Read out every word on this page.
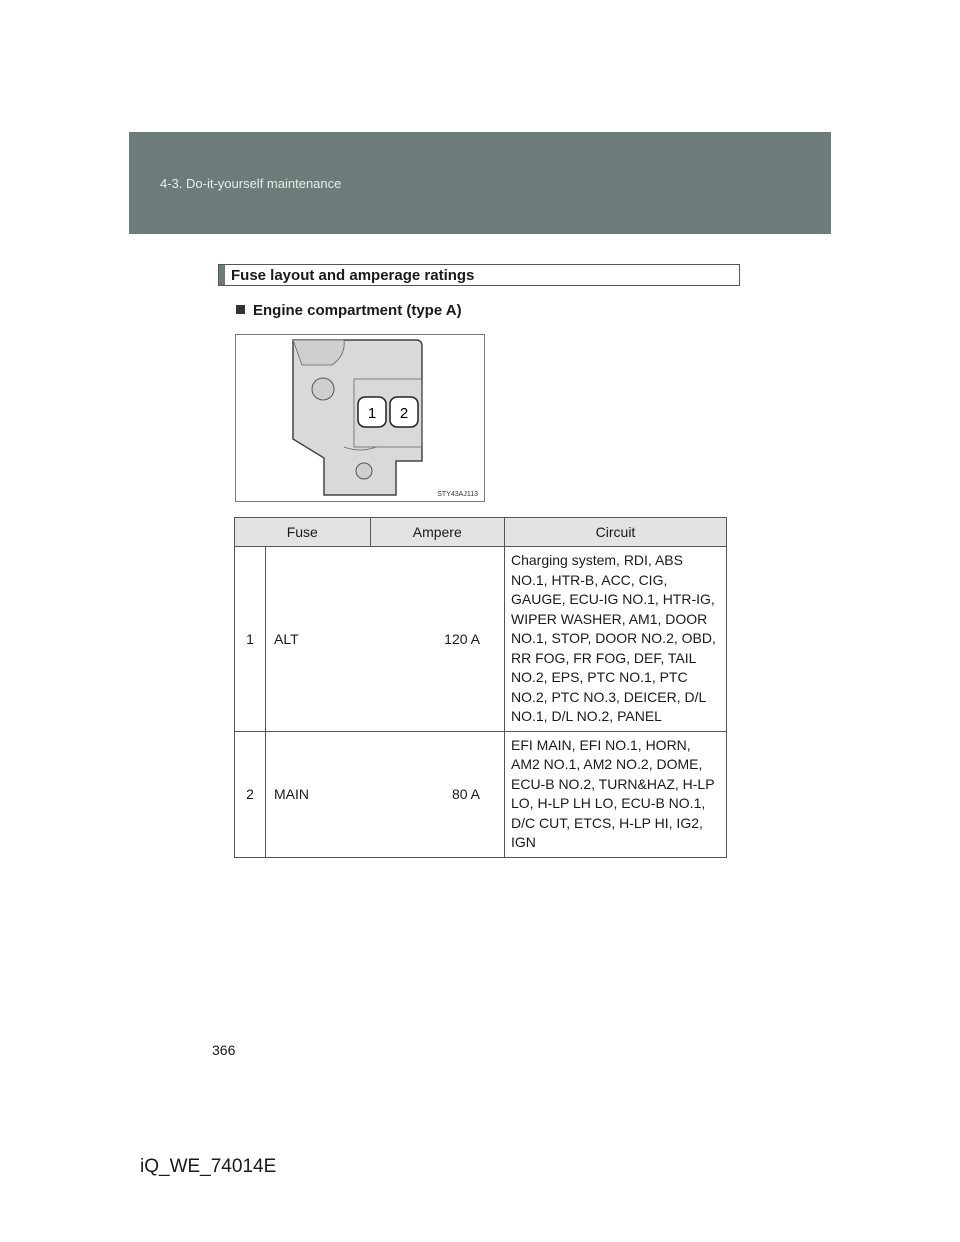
4-3. Do-it-yourself maintenance
Fuse layout and amperage ratings
Engine compartment (type A)
1 2
STY43AJ113
Fuse		Ampere	Circuit
1	ALT	120 A	Charging system, RDI, ABS NO.1, HTR-B, ACC, CIG, GAUGE, ECU-IG NO.1, HTR-IG, WIPER WASHER, AM1, DOOR NO.1, STOP, DOOR NO.2, OBD, RR FOG, FR FOG, DEF, TAIL NO.2, EPS, PTC NO.1, PTC NO.2, PTC NO.3, DEICER, D/L NO.1, D/L NO.2, PANEL
2	MAIN	80 A	EFI MAIN, EFI NO.1, HORN, AM2 NO.1, AM2 NO.2, DOME, ECU-B NO.2, TURN&HAZ, H-LP LO, H-LP LH LO, ECU-B NO.1, D/C CUT, ETCS, H-LP HI, IG2, IGN
366
iQ_WE_74014E
